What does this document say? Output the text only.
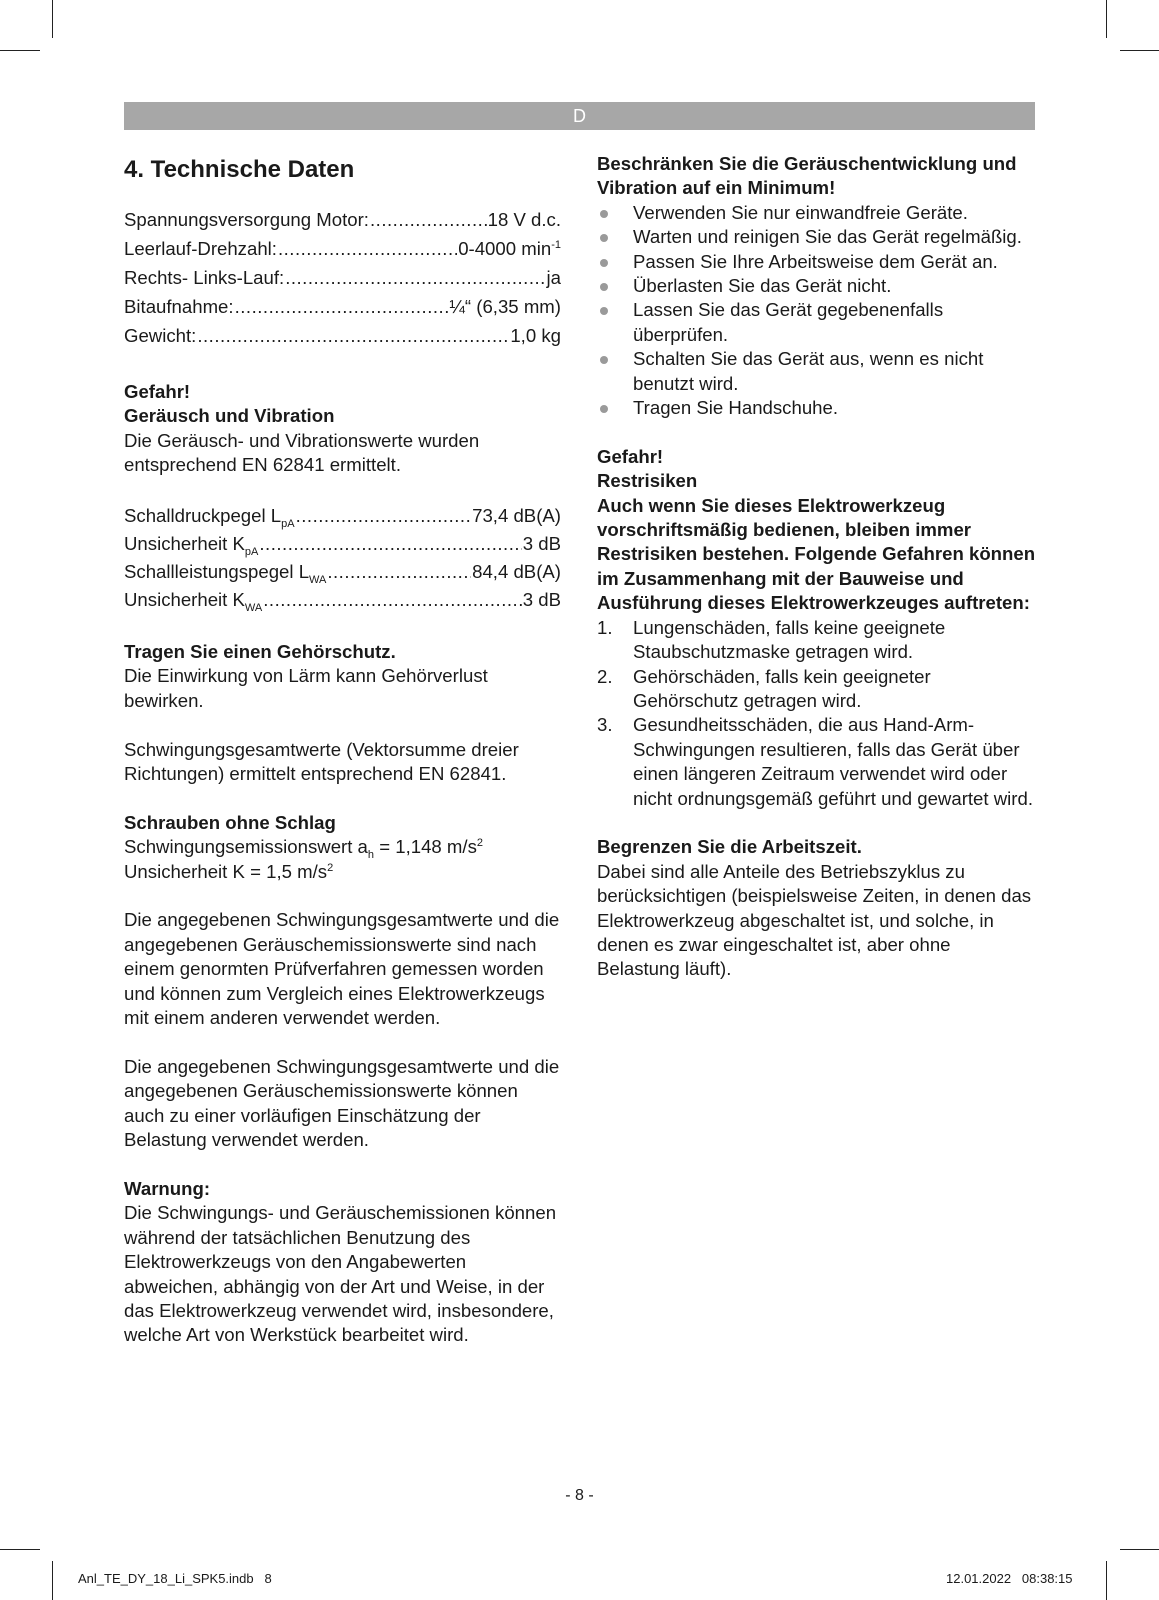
D
4. Technische Daten
Spannungsversorgung Motor: .....	18 V d.c.
Leerlauf-Drehzahl: .....	0-4000 $\min^{-1}$
Rechts- Links-Lauf: .....	ja
Bitaufnahme: .....	¼“ (6,35 mm)
Gewicht: .....	1,0 kg

Gefahr!

Geräusch und Vibration

Die Geräusch- und Vibrationswerte wurden entsprechend EN 62841 ermittelt.

Schalldruckpegel $L_{pA}$ .....	73,4 dB(A)
Unsicherheit $K_{pA}$ .....	3 dB
Schallleistungspegel $L_{WA}$ .....	84,4 dB(A)
Unsicherheit $K_{WA}$ .....	3 dB

Tragen Sie einen Gehörschutz.

Die Einwirkung von Lärm kann Gehörverlust bewirken.

Schwingungsgesamtwerte (Vektorsumme dreier Richtungen) ermittelt entsprechend EN 62841.

Schrauben ohne Schlag

Schwingungsemissionswert $a_h = 1,148$ $m/s^2$

Unsicherheit K = 1,5 $m/s^2$

Die angegebenen Schwingungsgesamtwerte und die angegebenen Geräuschemissionswerte sind nach einem genormten Prüfverfahren gemessen worden und können zum Vergleich eines Elektrowerkzeugs mit einem anderen verwendet werden.

Die angegebenen Schwingungsgesamtwerte und die angegebenen Geräuschemissionswerte können auch zu einer vorläufigen Einschätzung der Belastung verwendet werden.

Warnung:

Die Schwingungs- und Geräuschemissionen können während der tatsächlichen Benutzung des Elektrowerkzeugs von den Angabewerten abweichen, abhängig von der Art und Weise, in der das Elektrowerkzeug verwendet wird, insbesondere, welche Art von Werkstück bearbeitet wird.

Beschränken Sie die Geräuschentwicklung und Vibration auf ein Minimum!

Verwenden Sie nur einwandfreie Geräte.
Warten und reinigen Sie das Gerät regelmäßig.
Passen Sie Ihre Arbeitsweise dem Gerät an.
Überlasten Sie das Gerät nicht.
Lassen Sie das Gerät gegebenenfalls überprüfen.
Schalten Sie das Gerät aus, wenn es nicht benutzt wird.
Tragen Sie Handschuhe.

Gefahr!

Restrisiken

Auch wenn Sie dieses Elektrowerkzeug vorschriftsmäßig bedienen, bleiben immer Restrisiken bestehen. Folgende Gefahren können im Zusammenhang mit der Bauweise und Ausführung dieses Elektrowerkzeuges auftreten:

1. Lungenschäden, falls keine geeignete Staubschutzmaske getragen wird.
2. Gehörschäden, falls kein geeigneter Gehörschutz getragen wird.
3. Gesundheitsschäden, die aus Hand-Arm-Schwingungen resultieren, falls das Gerät über einen längeren Zeitraum verwendet wird oder nicht ordnungsgemäß geführt und gewartet wird.

Begrenzen Sie die Arbeitszeit.

Dabei sind alle Anteile des Betriebszyklus zu berücksichtigen (beispielsweise Zeiten, in denen das Elektrowerkzeug abgeschaltet ist, und solche, in denen es zwar eingeschaltet ist, aber ohne Belastung läuft).

- 8 -
Anl_TE_DY_18_Li_SPK5.indb   8	12.01.2022   08:38:15
